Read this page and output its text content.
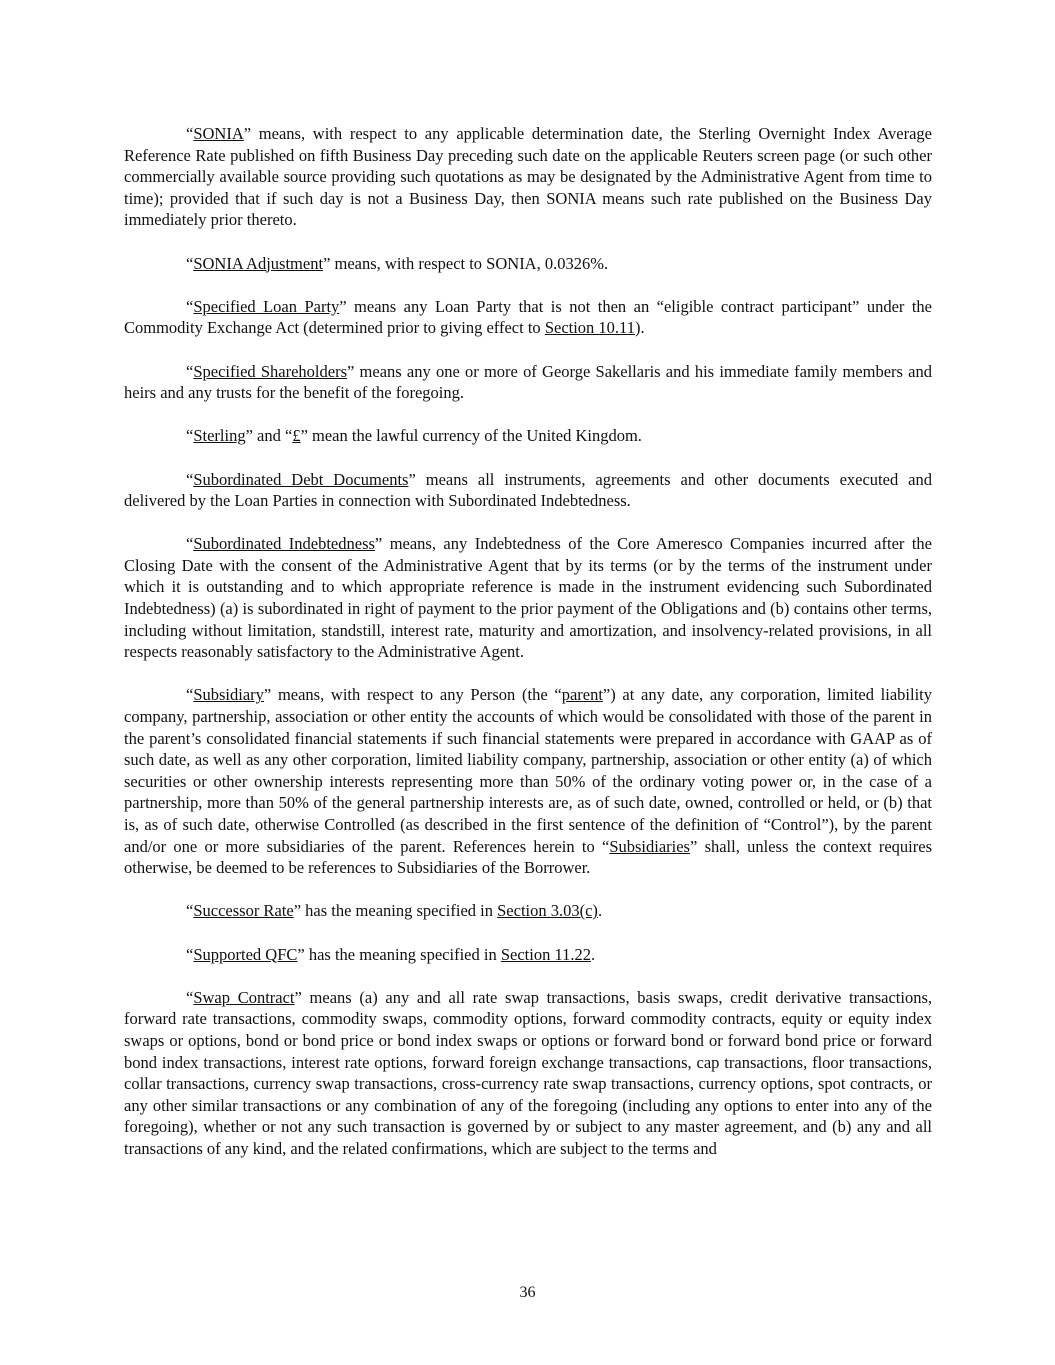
“SONIA” means, with respect to any applicable determination date, the Sterling Overnight Index Average Reference Rate published on fifth Business Day preceding such date on the applicable Reuters screen page (or such other commercially available source providing such quotations as may be designated by the Administrative Agent from time to time); provided that if such day is not a Business Day, then SONIA means such rate published on the Business Day immediately prior thereto.

“SONIA Adjustment” means, with respect to SONIA, 0.0326%.

“Specified Loan Party” means any Loan Party that is not then an “eligible contract participant” under the Commodity Exchange Act (determined prior to giving effect to Section 10.11).

“Specified Shareholders” means any one or more of George Sakellaris and his immediate family members and heirs and any trusts for the benefit of the foregoing.

“Sterling” and “£” mean the lawful currency of the United Kingdom.

“Subordinated Debt Documents” means all instruments, agreements and other documents executed and delivered by the Loan Parties in connection with Subordinated Indebtedness.

“Subordinated Indebtedness” means, any Indebtedness of the Core Ameresco Companies incurred after the Closing Date with the consent of the Administrative Agent that by its terms (or by the terms of the instrument under which it is outstanding and to which appropriate reference is made in the instrument evidencing such Subordinated Indebtedness) (a) is subordinated in right of payment to the prior payment of the Obligations and (b) contains other terms, including without limitation, standstill, interest rate, maturity and amortization, and insolvency-related provisions, in all respects reasonably satisfactory to the Administrative Agent.

“Subsidiary” means, with respect to any Person (the “parent”) at any date, any corporation, limited liability company, partnership, association or other entity the accounts of which would be consolidated with those of the parent in the parent’s consolidated financial statements if such financial statements were prepared in accordance with GAAP as of such date, as well as any other corporation, limited liability company, partnership, association or other entity (a) of which securities or other ownership interests representing more than 50% of the ordinary voting power or, in the case of a partnership, more than 50% of the general partnership interests are, as of such date, owned, controlled or held, or (b) that is, as of such date, otherwise Controlled (as described in the first sentence of the definition of “Control”), by the parent and/or one or more subsidiaries of the parent. References herein to “Subsidiaries” shall, unless the context requires otherwise, be deemed to be references to Subsidiaries of the Borrower.

“Successor Rate” has the meaning specified in Section 3.03(c).

“Supported QFC” has the meaning specified in Section 11.22.

“Swap Contract” means (a) any and all rate swap transactions, basis swaps, credit derivative transactions, forward rate transactions, commodity swaps, commodity options, forward commodity contracts, equity or equity index swaps or options, bond or bond price or bond index swaps or options or forward bond or forward bond price or forward bond index transactions, interest rate options, forward foreign exchange transactions, cap transactions, floor transactions, collar transactions, currency swap transactions, cross-currency rate swap transactions, currency options, spot contracts, or any other similar transactions or any combination of any of the foregoing (including any options to enter into any of the foregoing), whether or not any such transaction is governed by or subject to any master agreement, and (b) any and all transactions of any kind, and the related confirmations, which are subject to the terms and

36
